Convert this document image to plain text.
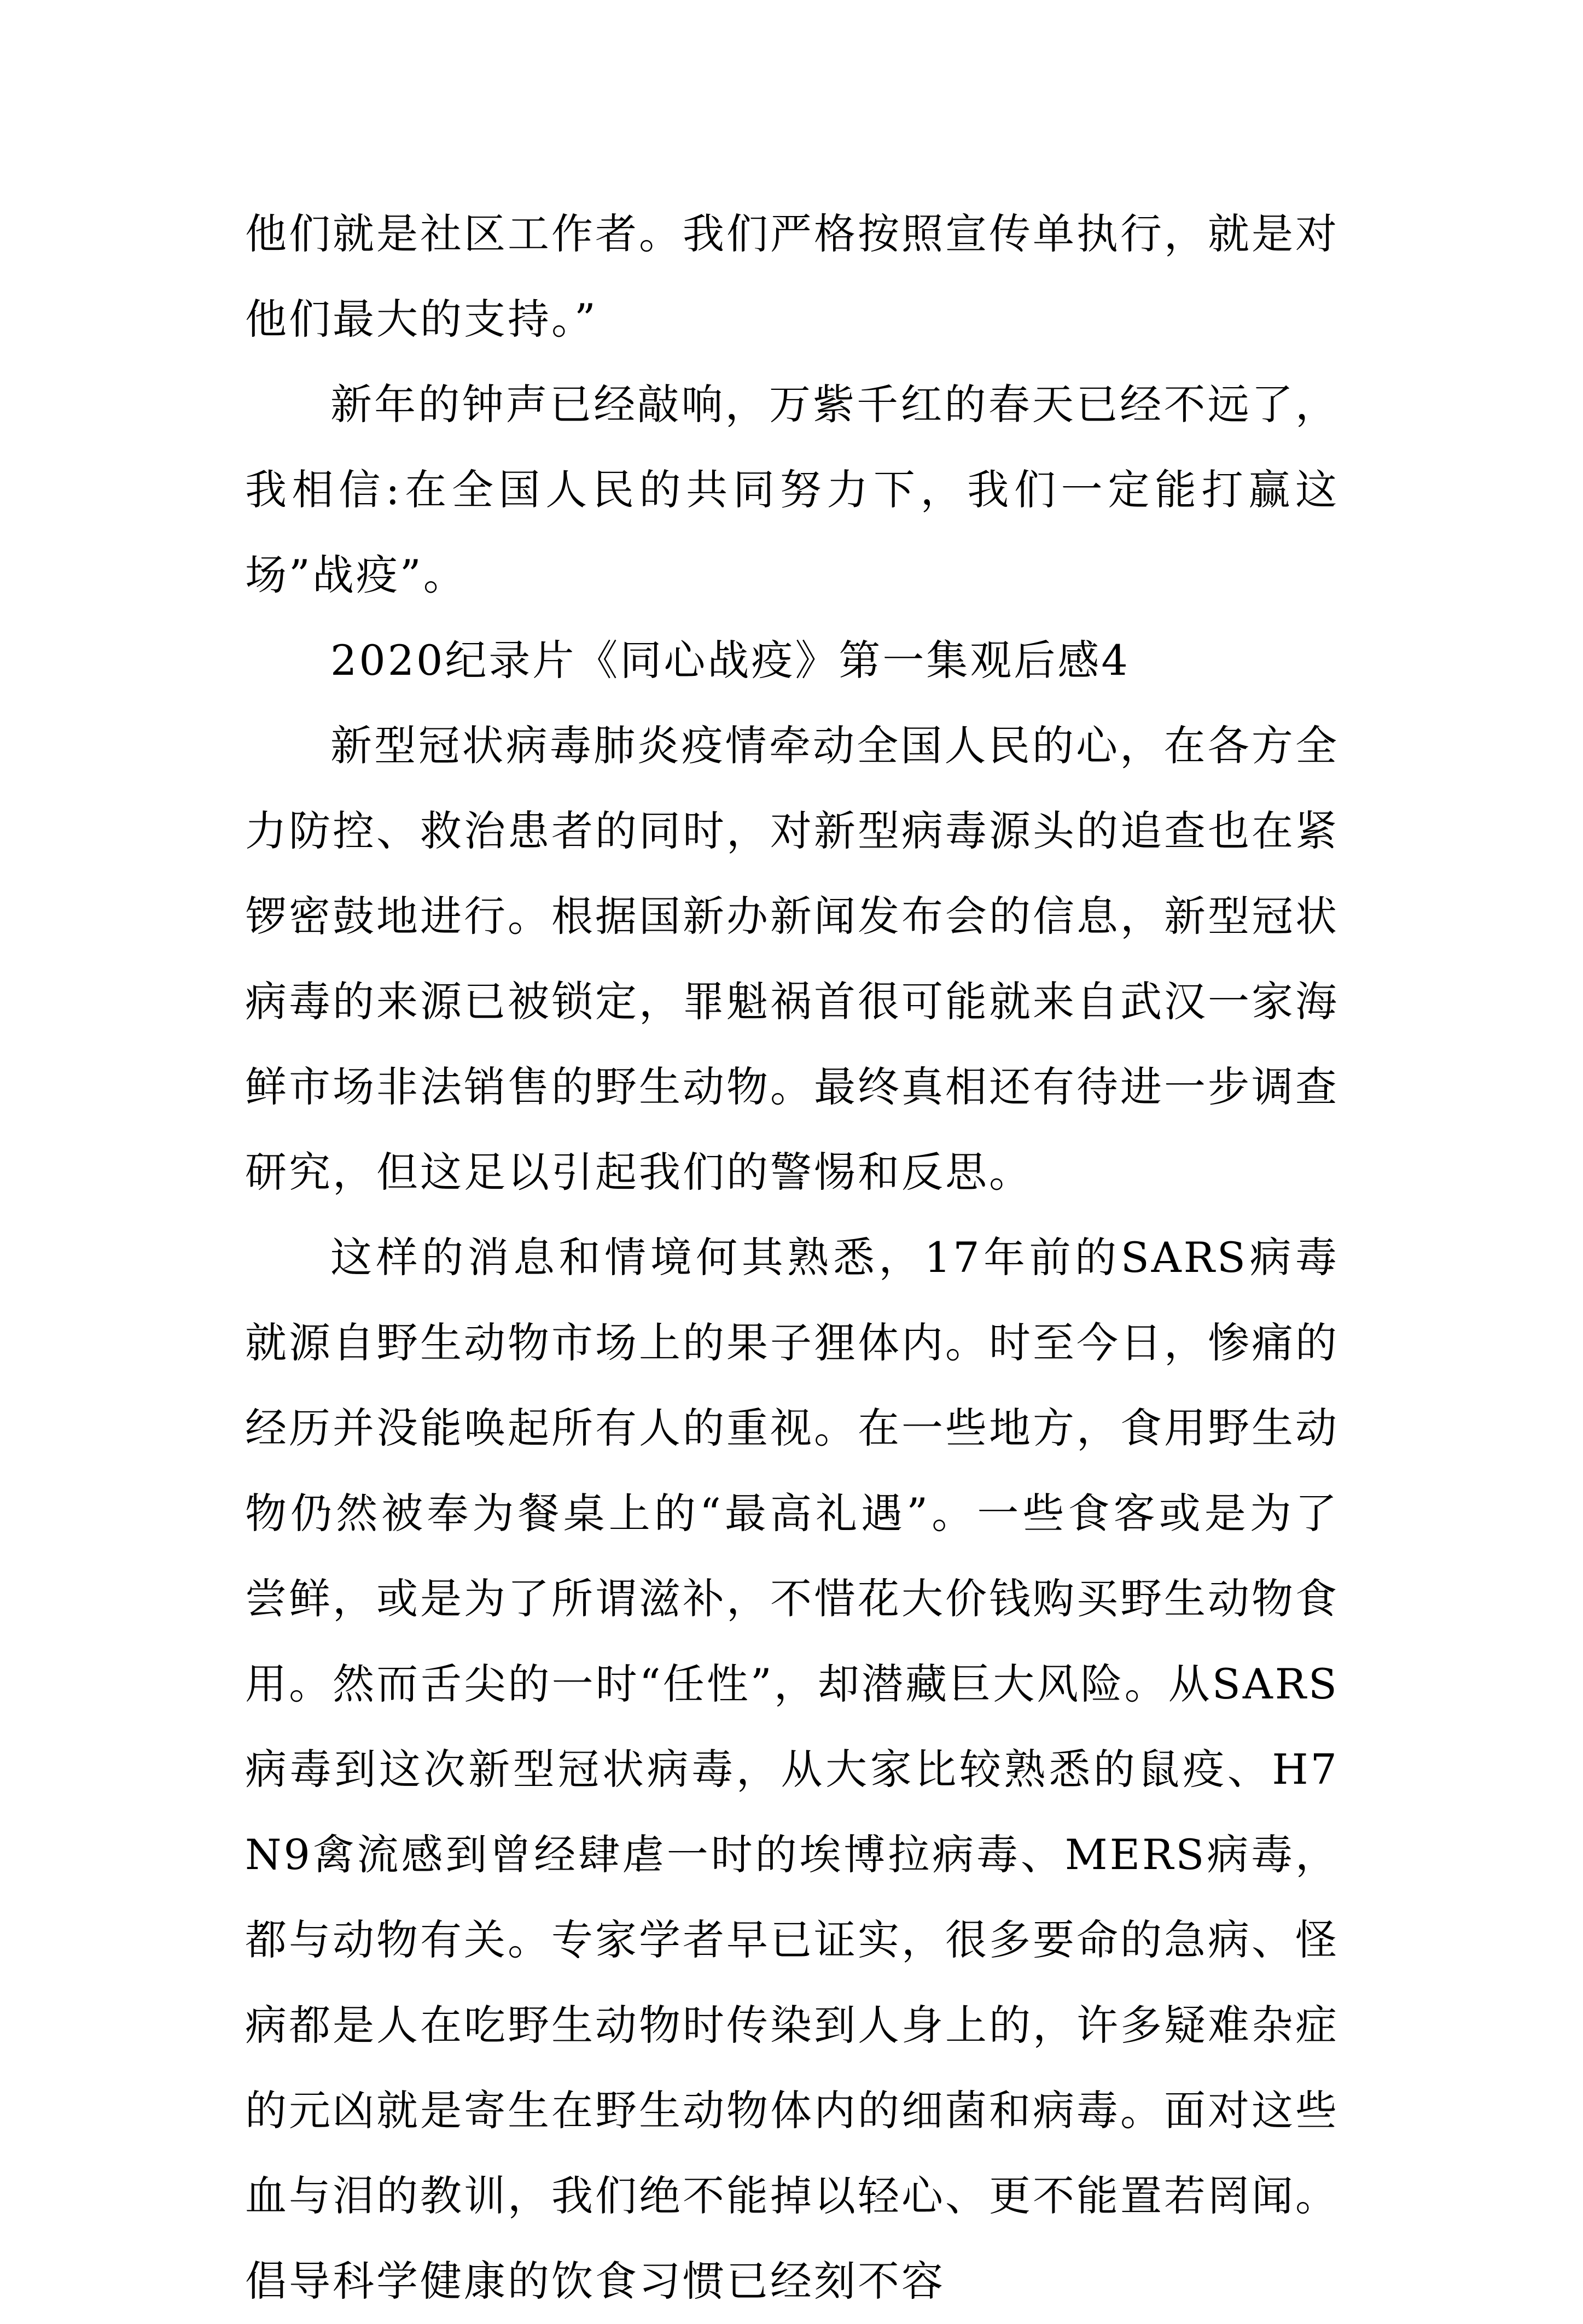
他们就是社区工作者。我们严格按照宣传单执行，就是对他们最大的支持。”

新年的钟声已经敲响，万紫千红的春天已经不远了，我相信:在全国人民的共同努力下，我们一定能打赢这场”战疫”。

2020纪录片《同心战疫》第一集观后感4

新型冠状病毒肺炎疫情牵动全国人民的心，在各方全力防控、救治患者的同时，对新型病毒源头的追查也在紧锣密鼓地进行。根据国新办新闻发布会的信息，新型冠状病毒的来源已被锁定，罪魁祸首很可能就来自武汉一家海鲜市场非法销售的野生动物。最终真相还有待进一步调查研究，但这足以引起我们的警惕和反思。

这样的消息和情境何其熟悉，17年前的SARS病毒就源自野生动物市场上的果子狸体内。时至今日，惨痛的经历并没能唤起所有人的重视。在一些地方，食用野生动物仍然被奉为餐桌上的“最高礼遇”。一些食客或是为了尝鲜，或是为了所谓滋补，不惜花大价钱购买野生动物食用。然而舌尖的一时“任性”，却潜藏巨大风险。从SARS病毒到这次新型冠状病毒，从大家比较熟悉的鼠疫、H7N9禽流感到曾经肆虐一时的埃博拉病毒、MERS病毒，都与动物有关。专家学者早已证实，很多要命的急病、怪病都是人在吃野生动物时传染到人身上的，许多疑难杂症的元凶就是寄生在野生动物体内的细菌和病毒。面对这些血与泪的教训，我们绝不能掉以轻心、更不能置若罔闻。倡导科学健康的饮食习惯已经刻不容
